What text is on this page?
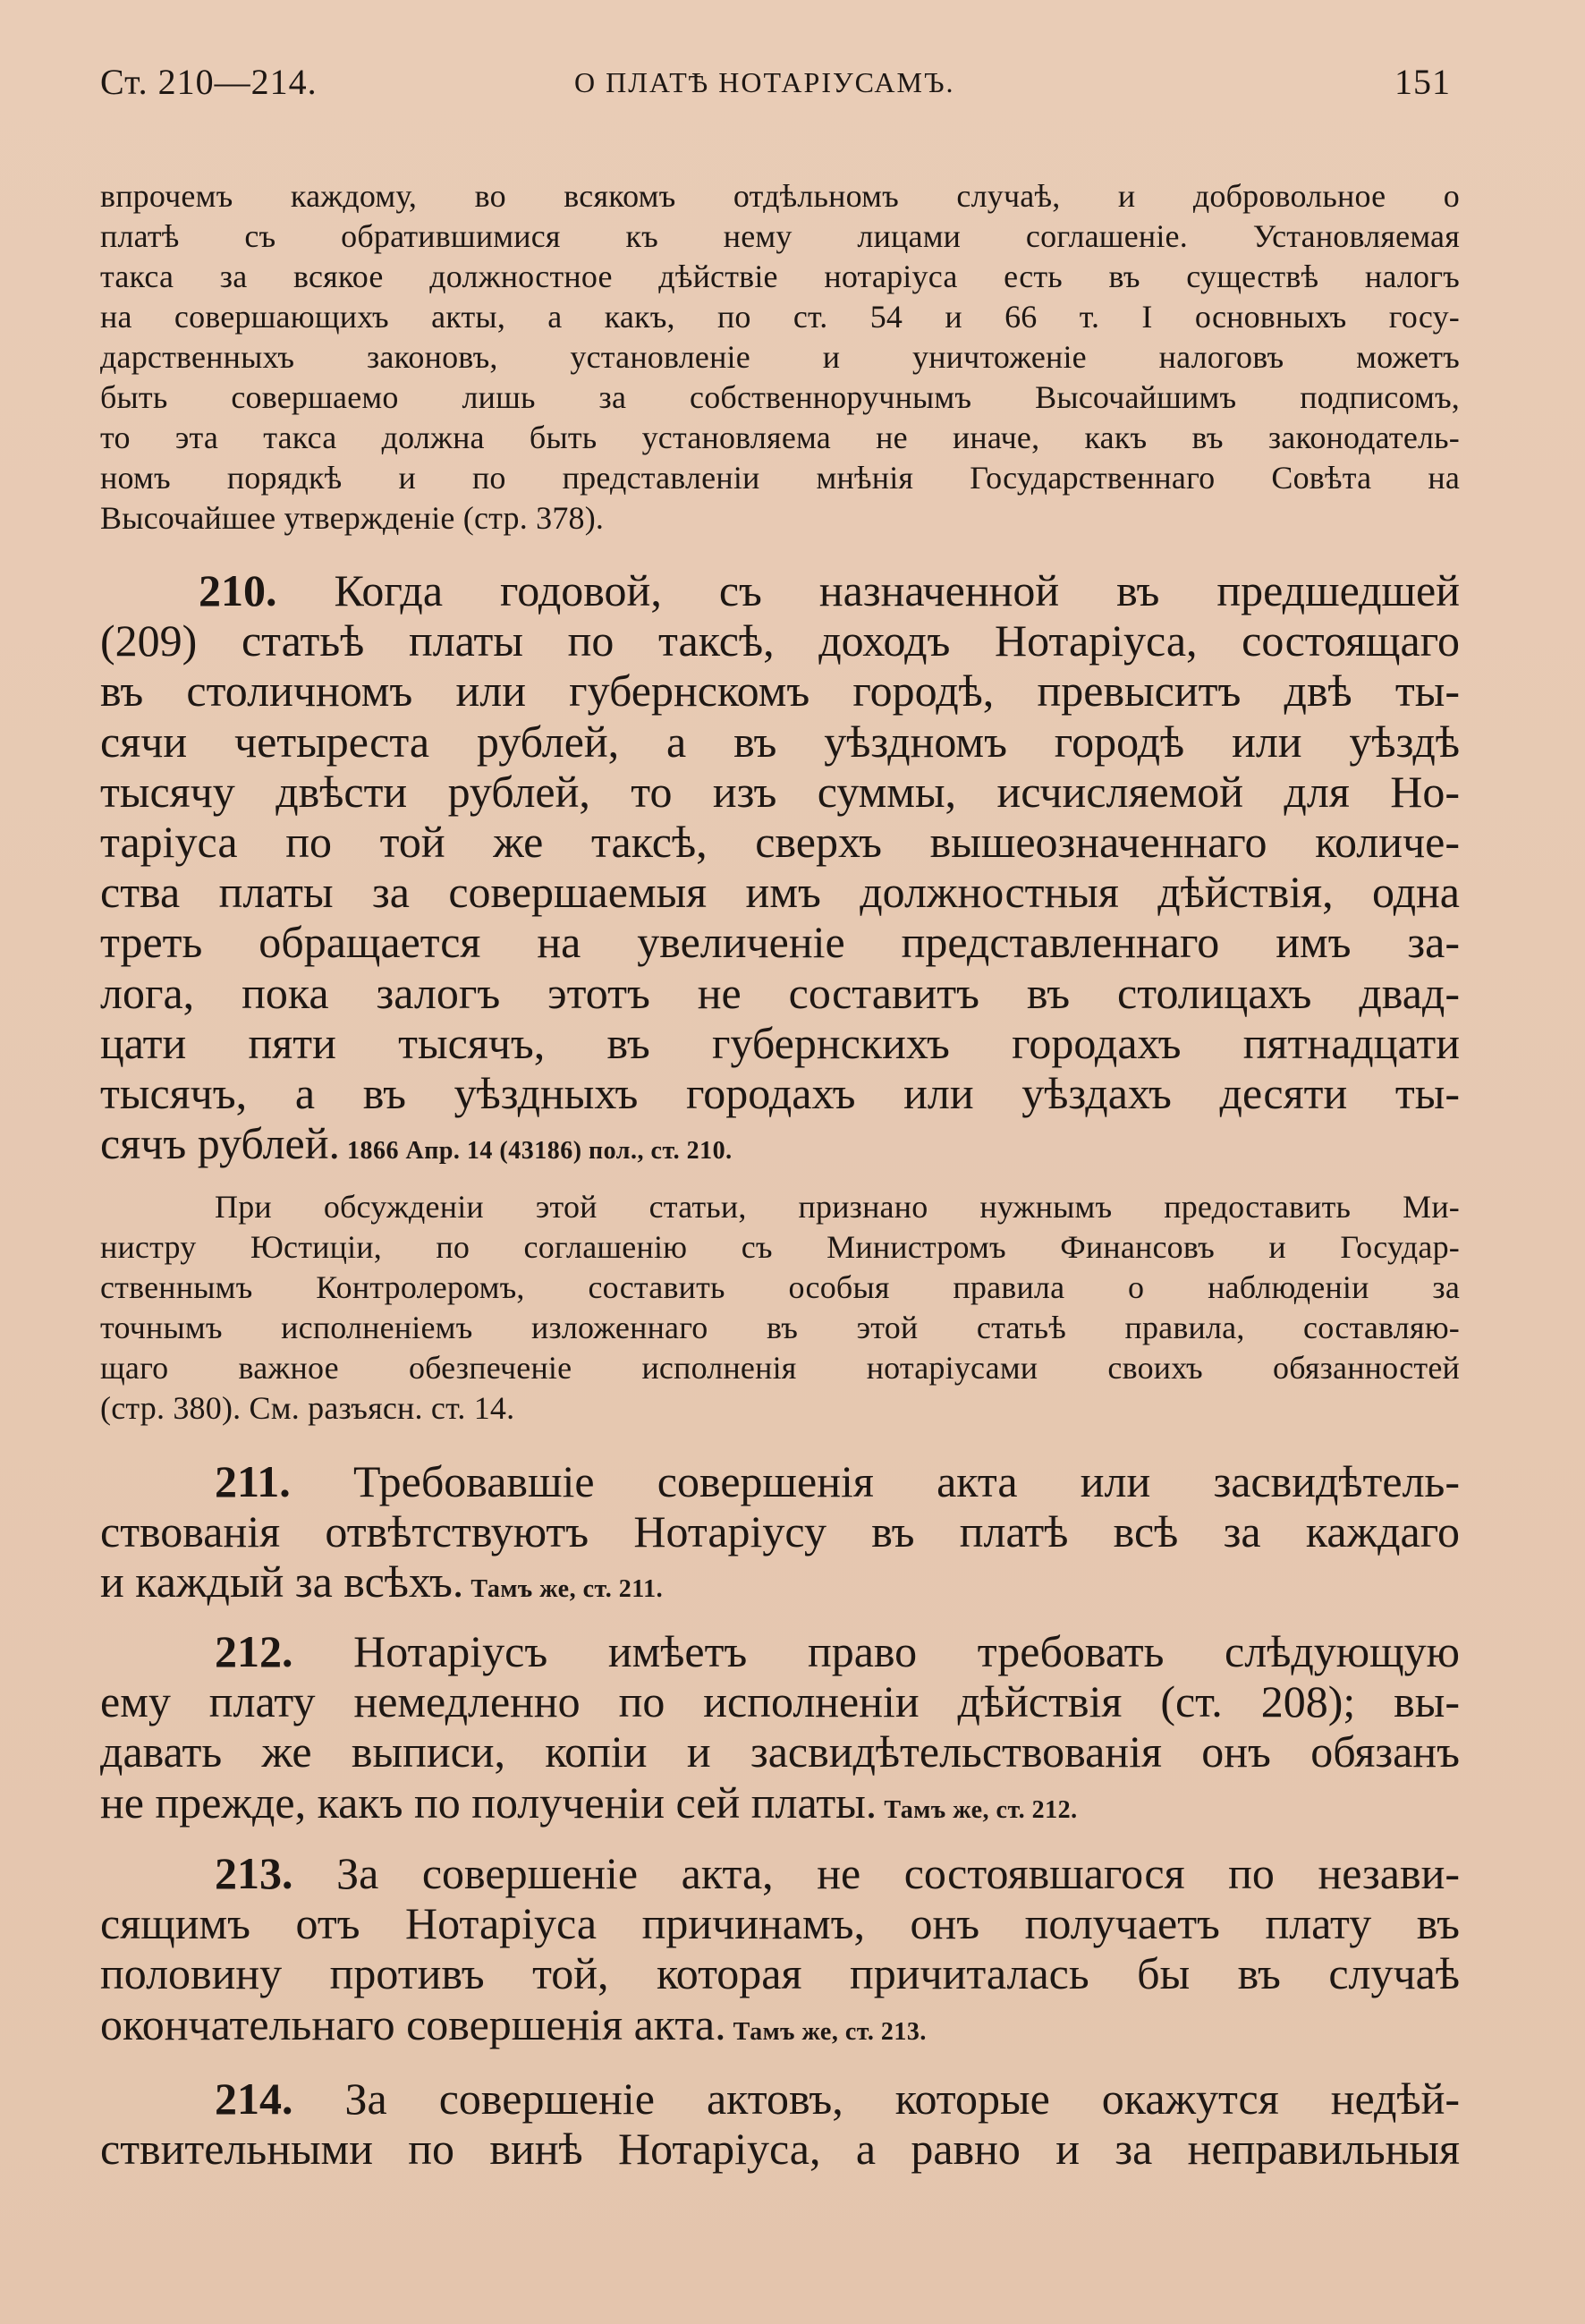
Ст. 210—214.	О ПЛАТѢ НОТАРІУСАМЪ.	151
впрочемъ каждому, во всякомъ отдѣльномъ случаѣ, и добровольное о
платѣ съ обратившимися къ нему лицами соглашеніе. Установляемая
такса за всякое должностное дѣйствіе нотаріуса есть въ существѣ налогъ
на совершающихъ акты, а какъ, по ст. 54 и 66 т. I основныхъ госу-
дарственныхъ законовъ, установленіе и уничтоженіе налоговъ можетъ
быть совершаемо лишь за собственноручнымъ Высочайшимъ подписомъ,
то эта такса должна быть установляема не иначе, какъ въ законодатель-
номъ порядкѣ и по представленіи мнѣнія Государственнаго Совѣта на
Высочайшее утвержденіе (стр. 378).
210. Когда годовой, съ назначенной въ предшедшей
(209) статьѣ платы по таксѣ, доходъ Нотаріуса, состоящаго
въ столичномъ или губернскомъ городѣ, превыситъ двѣ ты-
сячи четыреста рублей, а въ уѣздномъ городѣ или уѣздѣ
тысячу двѣсти рублей, то изъ суммы, исчисляемой для Но-
таріуса по той же таксѣ, сверхъ вышеозначеннаго количе-
ства платы за совершаемыя имъ должностныя дѣйствія, одна
треть обращается на увеличеніе представленнаго имъ за-
лога, пока залогъ этотъ не составитъ въ столицахъ двад-
цати пяти тысячъ, въ губернскихъ городахъ пятнадцати
тысячъ, а въ уѣздныхъ городахъ или уѣздахъ десяти ты-
сячъ рублей. 1866 Апр. 14 (43186) пол., ст. 210.
При обсужденіи этой статьи, признано нужнымъ предоставить Ми-
нистру Юстиціи, по соглашенію съ Министромъ Финансовъ и Государ-
ственнымъ Контролеромъ, составить особыя правила о наблюденіи за
точнымъ исполненіемъ изложеннаго въ этой статьѣ правила, составляю-
щаго важное обезпеченіе исполненія нотаріусами своихъ обязанностей
(стр. 380). См. разъясн. ст. 14.
211. Требовавшіе совершенія акта или засвидѣтель-
ствованія отвѣтствуютъ Нотаріусу въ платѣ всѣ за каждаго
и каждый за всѣхъ. Тамъ же, ст. 211.
212. Нотаріусъ имѣетъ право требовать слѣдующую
ему плату немедленно по исполненіи дѣйствія (ст. 208); вы-
давать же выписи, копіи и засвидѣтельствованія онъ обязанъ
не прежде, какъ по полученіи сей платы. Тамъ же, ст. 212.
213. За совершеніе акта, не состоявшагося по незави-
сящимъ отъ Нотаріуса причинамъ, онъ получаетъ плату въ
половину противъ той, которая причиталась бы въ случаѣ
окончательнаго совершенія акта. Тамъ же, ст. 213.
214. За совершеніе актовъ, которые окажутся недѣй-
ствительными по винѣ Нотаріуса, а равно и за неправильныя
